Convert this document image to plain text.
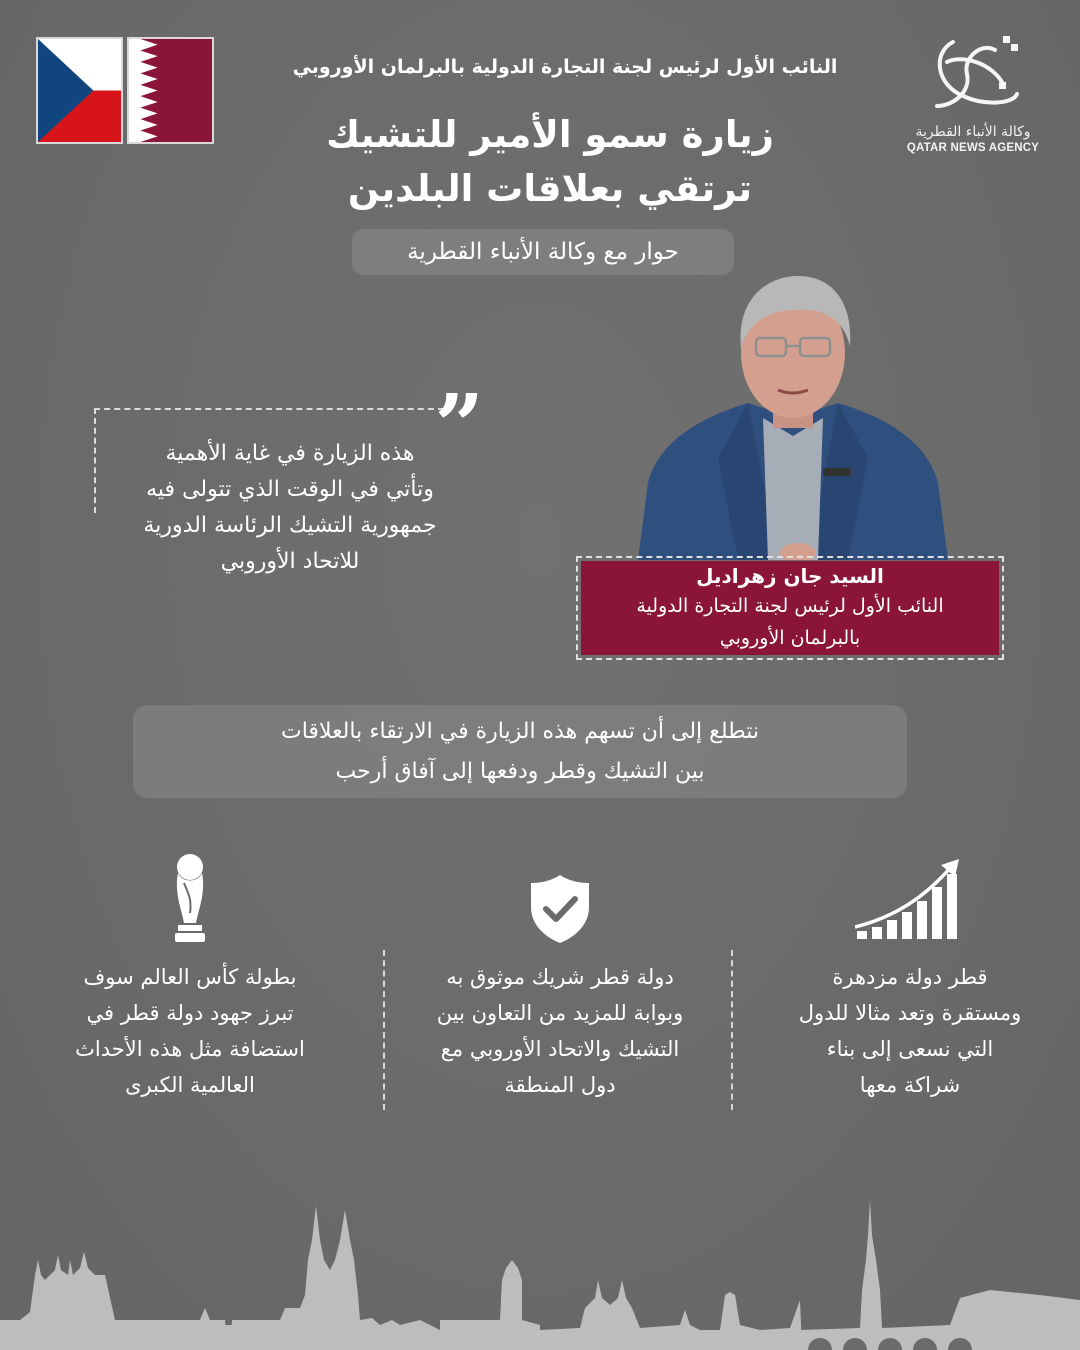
النائب الأول لرئيس لجنة التجارة الدولية بالبرلمان الأوروبي
زيارة سمو الأمير للتشيك
ترتقي بعلاقات البلدين
حوار مع وكالة الأنباء القطرية
وكالة الأنباء القطرية
QATAR NEWS AGENCY
”
هذه الزيارة في غاية الأهمية
وتأتي في الوقت الذي تتولى فيه
جمهورية التشيك الرئاسة الدورية
للاتحاد الأوروبي
السيد جان زهراديل
النائب الأول لرئيس لجنة التجارة الدولية
بالبرلمان الأوروبي
نتطلع إلى أن تسهم هذه الزيارة في الارتقاء بالعلاقات
بين التشيك وقطر ودفعها إلى آفاق أرحب
قطر دولة مزدهرة
ومستقرة وتعد مثالا للدول
التي نسعى إلى بناء
شراكة معها
دولة قطر شريك موثوق به
وبوابة للمزيد من التعاون بين
التشيك والاتحاد الأوروبي مع
دول المنطقة
بطولة كأس العالم سوف
تبرز جهود دولة قطر في
استضافة مثل هذه الأحداث
العالمية الكبرى
